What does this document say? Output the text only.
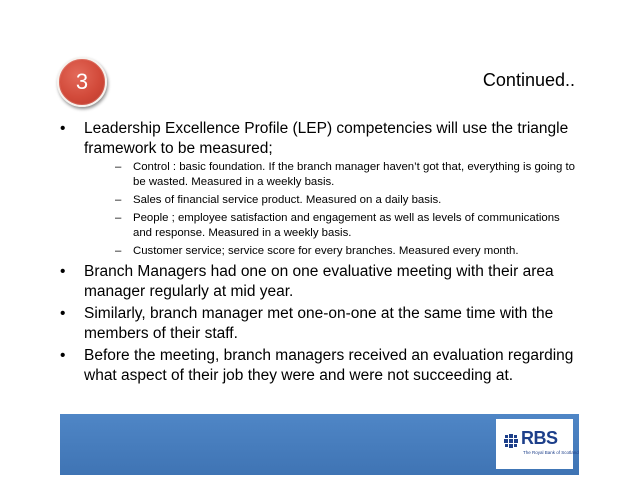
3	Continued..
•	Leadership Excellence Profile (LEP) competencies will use the triangle framework to be measured;
– Control : basic foundation. If the branch manager haven’t got that, everything is going to be wasted. Measured in a weekly basis.
– Sales of financial service product. Measured on a daily basis.
– People ; employee satisfaction and engagement as well as levels of communications and response. Measured in a weekly basis.
– Customer service; service score for every branches. Measured every month.
•	Branch Managers had one on one evaluative meeting with their area manager regularly at mid year.
•	Similarly, branch manager met one-on-one at the same time with the members of their staff.
•	Before the meeting, branch managers received an evaluation regarding what aspect of their job they were and were not succeeding at.
RBS
The Royal Bank of Scotland
